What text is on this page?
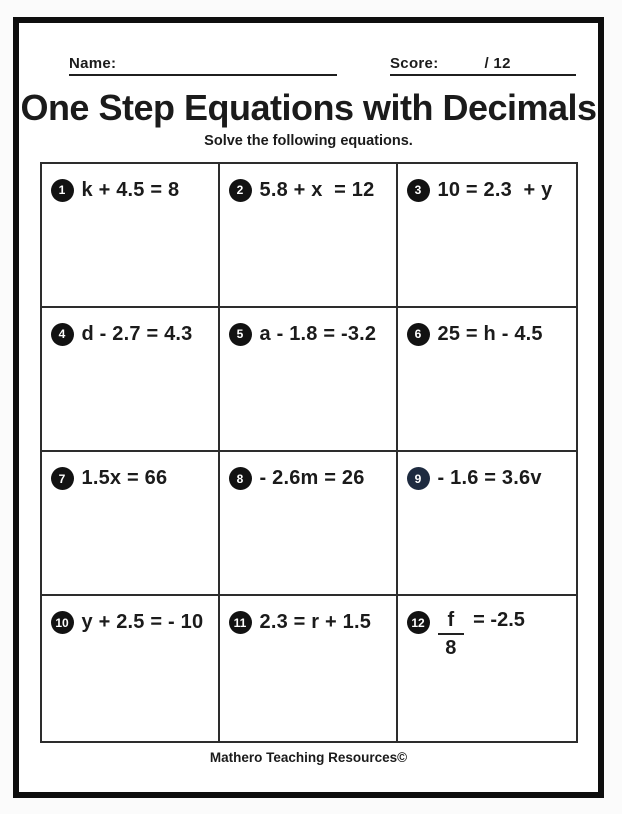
Name:	Score:	/ 12
One Step Equations with Decimals
Solve the following equations.
1 k + 4.5 = 8	2 5.8 + x  = 12	3 10 = 2.3  + y
4 d - 2.7 = 4.3	5 a - 1.8 = -3.2	6 25 = h - 4.5
7 1.5x = 66	8 - 2.6m = 26	9 - 1.6 = 3.6v
10 y + 2.5 = - 10	11 2.3 = r + 1.5	$12 \frac{f}{8} = -2.5$
Mathero Teaching Resources©
